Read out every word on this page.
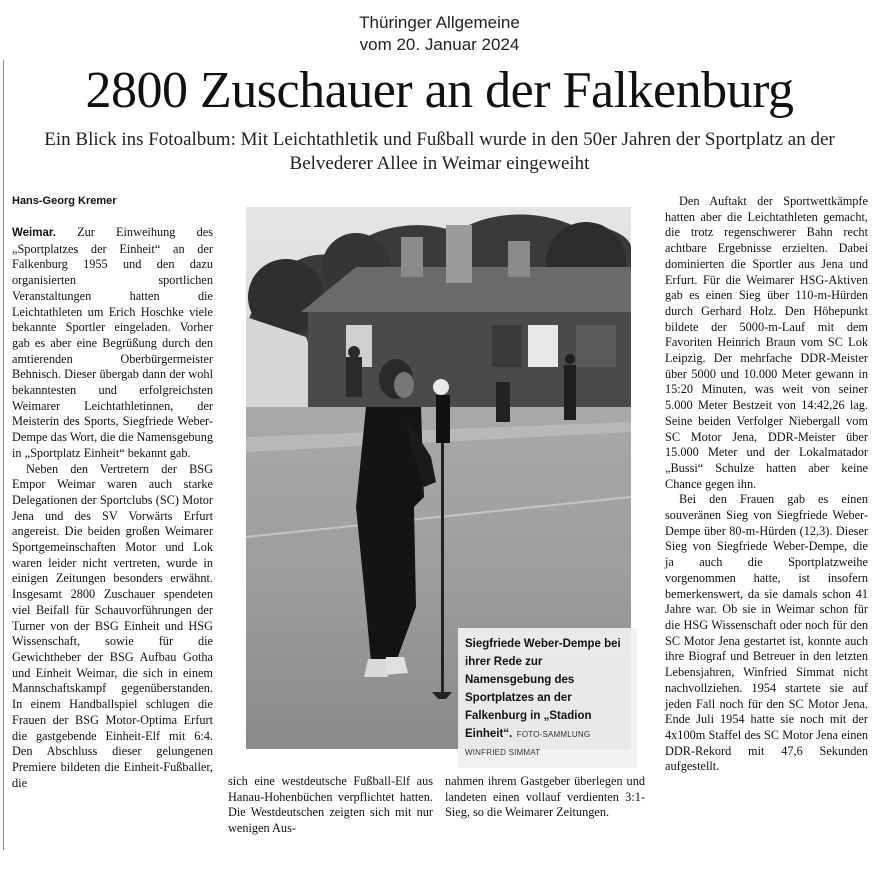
Thüringer Allgemeine
vom 20. Januar 2024
2800 Zuschauer an der Falkenburg
Ein Blick ins Fotoalbum: Mit Leichtathletik und Fußball wurde in den 50er Jahren der Sportplatz an der Belvederer Allee in Weimar eingeweiht
Hans-Georg Kremer

Weimar. Zur Einweihung des „Sportplatzes der Einheit“ an der Falkenburg 1955 und den dazu organisierten sportlichen Veranstaltungen hatten die Leichtathleten um Erich Hoschke viele bekannte Sportler eingeladen. Vorher gab es aber eine Begrüßung durch den amtierenden Oberbürgermeister Behnisch. Dieser übergab dann der wohl bekanntesten und erfolgreichsten Weimarer Leichtathletinnen, der Meisterin des Sports, Siegfriede Weber-Dempe das Wort, die die Namensgebung in „Sportplatz Einheit“ bekannt gab.

Neben den Vertretern der BSG Empor Weimar waren auch starke Delegationen der Sportclubs (SC) Motor Jena und des SV Vorwärts Erfurt angereist. Die beiden großen Weimarer Sportgemeinschaften Motor und Lok waren leider nicht vertreten, wurde in einigen Zeitungen besonders erwähnt. Insgesamt 2800 Zuschauer spendeten viel Beifall für Schauvorführungen der Turner von der BSG Einheit und HSG Wissenschaft, sowie für die Gewichtheber der BSG Aufbau Gotha und Einheit Weimar, die sich in einem Mannschaftskampf gegenüberstanden. In einem Handballspiel schlugen die Frauen der BSG Motor-Optima Erfurt die gastgebende Einheit-Elf mit 6:4. Den Abschluss dieser gelungenen Premiere bildeten die Einheit-Fußballer, die

Siegfriede Weber-Dempe bei ihrer Rede zur Namensgebung des Sportplatzes an der Falkenburg in „Stadion Einheit“. FOTO-SAMMLUNG WINFRIED SIMMAT

sich eine westdeutsche Fußball-Elf aus Hanau-Hohenbüchen verpflichtet hatten. Die Westdeutschen zeigten sich mit nur wenigen Aus-

nahmen ihrem Gastgeber überlegen und landeten einen vollauf verdienten 3:1-Sieg, so die Weimarer Zeitungen.

Den Auftakt der Sportwettkämpfe hatten aber die Leichtathleten gemacht, die trotz regenschwerer Bahn recht achtbare Ergebnisse erzielten. Dabei dominierten die Sportler aus Jena und Erfurt. Für die Weimarer HSG-Aktiven gab es einen Sieg über 110-m-Hürden durch Gerhard Holz. Den Höhepunkt bildete der 5000-m-Lauf mit dem Favoriten Heinrich Braun vom SC Lok Leipzig. Der mehrfache DDR-Meister über 5000 und 10.000 Meter gewann in 15:20 Minuten, was weit von seiner 5.000 Meter Bestzeit von 14:42,26 lag. Seine beiden Verfolger Niebergall vom SC Motor Jena, DDR-Meister über 15.000 Meter und der Lokalmatador „Bussi“ Schulze hatten aber keine Chance gegen ihn.

Bei den Frauen gab es einen souveränen Sieg von Siegfriede Weber-Dempe über 80-m-Hürden (12,3). Dieser Sieg von Siegfriede Weber-Dempe, die ja auch die Sportplatzweihe vorgenommen hatte, ist insofern bemerkenswert, da sie damals schon 41 Jahre war. Ob sie in Weimar schon für die HSG Wissenschaft oder noch für den SC Motor Jena gestartet ist, konnte auch ihre Biograf und Betreuer in den letzten Lebensjahren, Winfried Simmat nicht nachvollziehen. 1954 startete sie auf jeden Fall noch für den SC Motor Jena. Ende Juli 1954 hatte sie noch mit der 4x100m Staffel des SC Motor Jena einen DDR-Rekord mit 47,6 Sekunden aufgestellt.
